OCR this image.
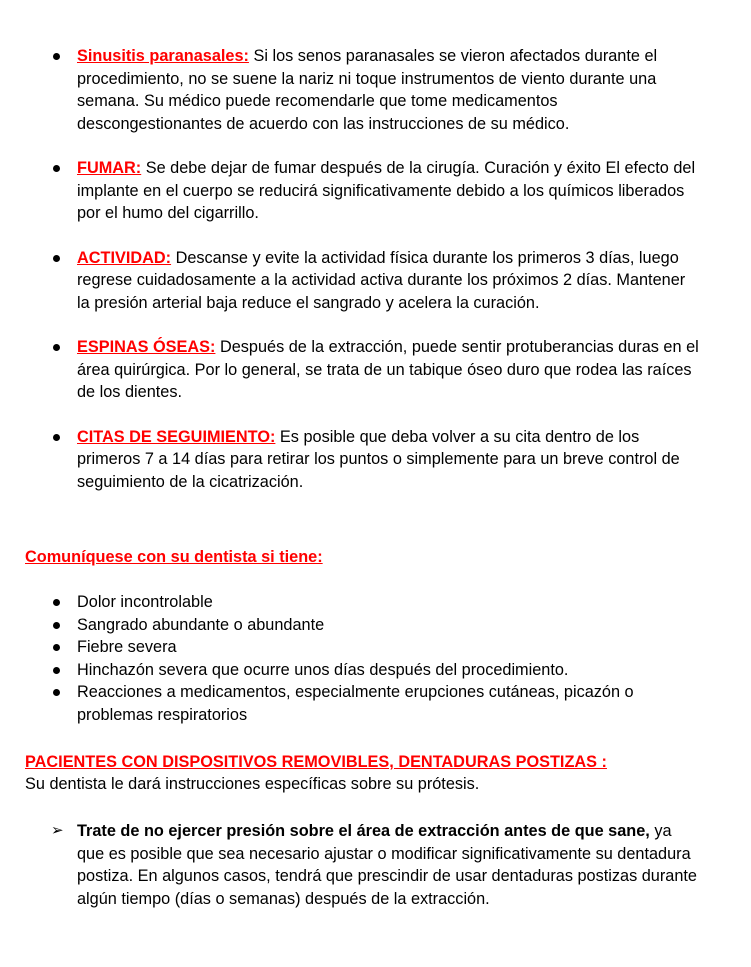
Sinusitis paranasales: Si los senos paranasales se vieron afectados durante el procedimiento, no se suene la nariz ni toque instrumentos de viento durante una semana. Su médico puede recomendarle que tome medicamentos descongestionantes de acuerdo con las instrucciones de su médico.
FUMAR: Se debe dejar de fumar después de la cirugía. Curación y éxito El efecto del implante en el cuerpo se reducirá significativamente debido a los químicos liberados por el humo del cigarrillo.
ACTIVIDAD: Descanse y evite la actividad física durante los primeros 3 días, luego regrese cuidadosamente a la actividad activa durante los próximos 2 días. Mantener la presión arterial baja reduce el sangrado y acelera la curación.
ESPINAS ÓSEAS: Después de la extracción, puede sentir protuberancias duras en el área quirúrgica. Por lo general, se trata de un tabique óseo duro que rodea las raíces de los dientes.
CITAS DE SEGUIMIENTO: Es posible que deba volver a su cita dentro de los primeros 7 a 14 días para retirar los puntos o simplemente para un breve control de seguimiento de la cicatrización.
Comuníquese con su dentista si tiene:
Dolor incontrolable
Sangrado abundante o abundante
Fiebre severa
Hinchazón severa que ocurre unos días después del procedimiento.
Reacciones a medicamentos, especialmente erupciones cutáneas, picazón o problemas respiratorios
PACIENTES CON DISPOSITIVOS REMOVIBLES, DENTADURAS POSTIZAS :
Su dentista le dará instrucciones específicas sobre su prótesis.
➢ Trate de no ejercer presión sobre el área de extracción antes de que sane, ya que es posible que sea necesario ajustar o modificar significativamente su dentadura postiza. En algunos casos, tendrá que prescindir de usar dentaduras postizas durante algún tiempo (días o semanas) después de la extracción.
